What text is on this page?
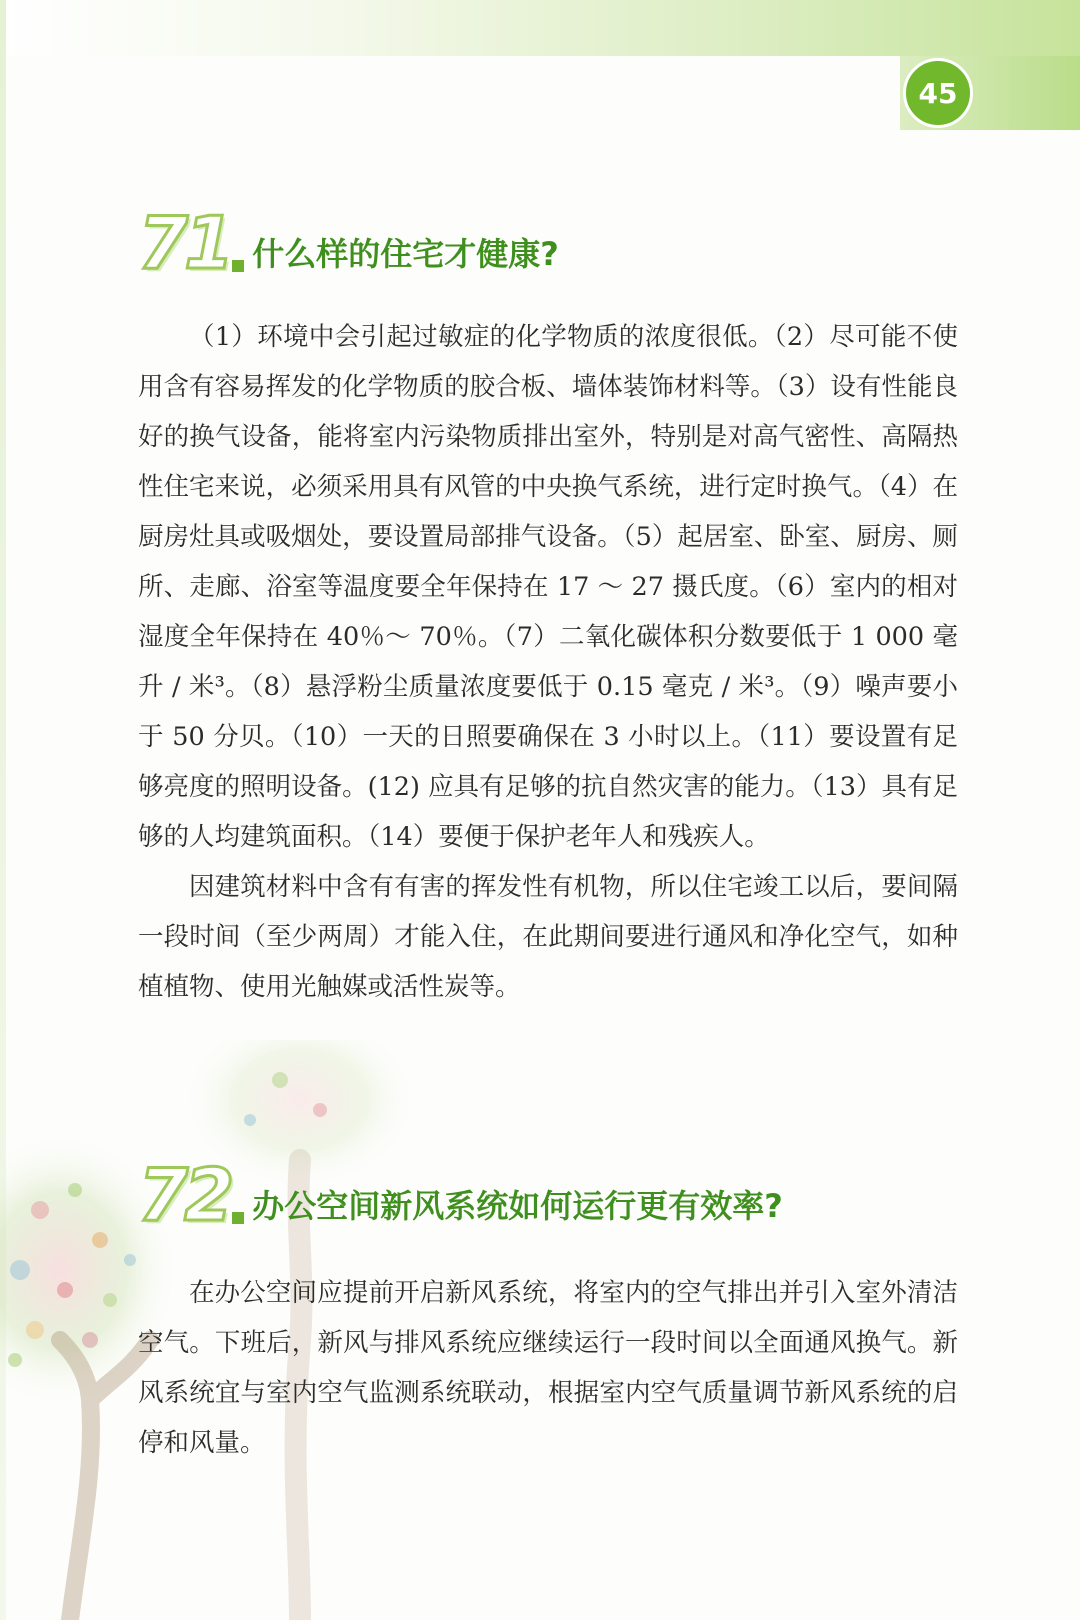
45
71 什么样的住宅才健康?

（1）环境中会引起过敏症的化学物质的浓度很低。（2）尽可能不使用含有容易挥发的化学物质的胶合板、墙体装饰材料等。（3）设有性能良好的换气设备，能将室内污染物质排出室外，特别是对高气密性、高隔热性住宅来说，必须采用具有风管的中央换气系统，进行定时换气。（4）在厨房灶具或吸烟处，要设置局部排气设备。（5）起居室、卧室、厨房、厕所、走廊、浴室等温度要全年保持在 17 ～ 27 摄氏度。（6）室内的相对湿度全年保持在 40％～ 70％。（7）二氧化碳体积分数要低于 1 000 毫升 / 米³。（8）悬浮粉尘质量浓度要低于 0.15 毫克 / 米³。（9）噪声要小于 50 分贝。（10）一天的日照要确保在 3 小时以上。（11）要设置有足够亮度的照明设备。(12) 应具有足够的抗自然灾害的能力。（13）具有足够的人均建筑面积。（14）要便于保护老年人和残疾人。

因建筑材料中含有有害的挥发性有机物，所以住宅竣工以后，要间隔一段时间（至少两周）才能入住，在此期间要进行通风和净化空气，如种植植物、使用光触媒或活性炭等。

72 办公空间新风系统如何运行更有效率?

在办公空间应提前开启新风系统，将室内的空气排出并引入室外清洁空气。下班后，新风与排风系统应继续运行一段时间以全面通风换气。新风系统宜与室内空气监测系统联动，根据室内空气质量调节新风系统的启停和风量。
